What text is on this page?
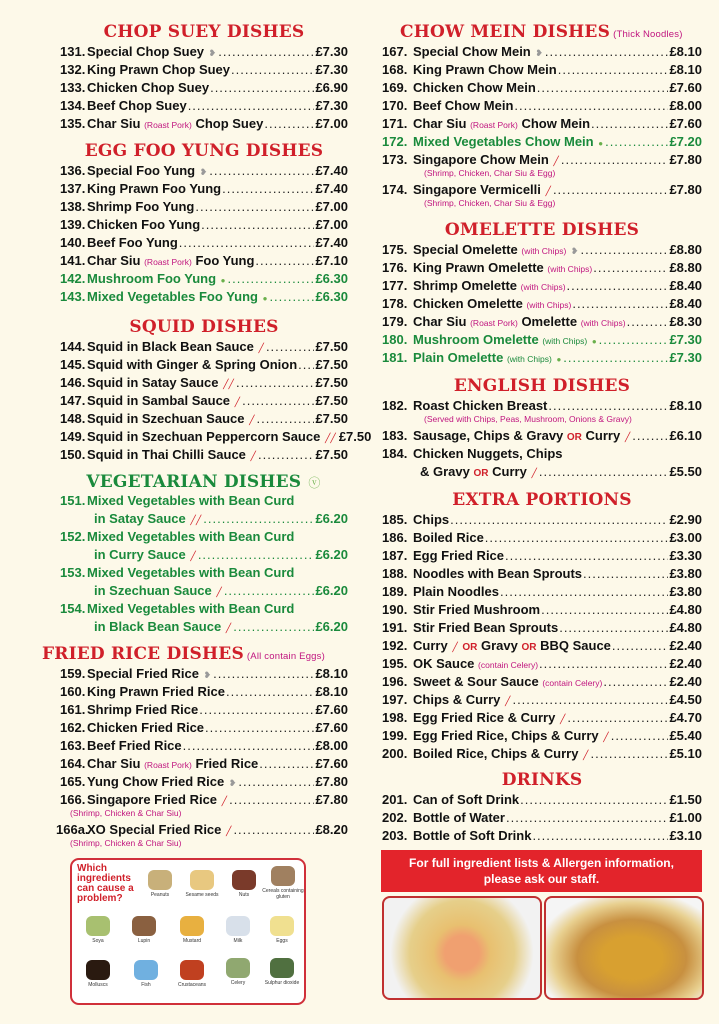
CHOP SUEY DISHES
131. Special Chop Suey ❥ .....	£7.30
132. King Prawn Chop Suey .....	£7.30
133. Chicken Chop Suey .....	£6.90
134. Beef Chop Suey .....	£7.30
135. Char Siu (Roast Pork) Chop Suey .....	£7.00
EGG FOO YUNG DISHES
136. Special Foo Yung ❥ .....	£7.40
137. King Prawn Foo Yung .....	£7.40
138. Shrimp Foo Yung .....	£7.00
139. Chicken Foo Yung .....	£7.00
140. Beef Foo Yung .....	£7.40
141. Char Siu (Roast Pork) Foo Yung .....	£7.10
142. Mushroom Foo Yung ● .....	£6.30
143. Mixed Vegetables Foo Yung ● .....	£6.30
SQUID DISHES
144. Squid in Black Bean Sauce ╱ .....	£7.50
145. Squid with Ginger & Spring Onion ..... £7.50
146. Squid in Satay Sauce ╱╱ .....	£7.50
147. Squid in Sambal Sauce ╱ .....	£7.50
148. Squid in Szechuan Sauce ╱ .....	£7.50
149. Squid in Szechuan Peppercorn Sauce ╱╱ £7.50
150. Squid in Thai Chilli Sauce ╱ .....	£7.50
VEGETARIAN DISHES ⓥ
151. Mixed Vegetables with Bean Curd
in Satay Sauce ╱╱ .....	£6.20
152. Mixed Vegetables with Bean Curd
in Curry Sauce ╱ .....	£6.20
153. Mixed Vegetables with Bean Curd
in Szechuan Sauce ╱ .....	£6.20
154. Mixed Vegetables with Bean Curd
in Black Bean Sauce ╱ .....	£6.20
FRIED RICE DISHES (All contain Eggs)
159. Special Fried Rice ❥ .....	£8.10
160. King Prawn Fried Rice .....	£8.10
161. Shrimp Fried Rice .....	£7.60
162. Chicken Fried Rice .....	£7.60
163. Beef Fried Rice .....	£8.00
164. Char Siu (Roast Pork) Fried Rice .....	£7.60
165. Yung Chow Fried Rice ❥ .....	£7.80
166. Singapore Fried Rice ╱ .....	£7.80
(Shrimp, Chicken & Char Siu)
166a.
XO Special Fried Rice ╱ .....	£8.20
(Shrimp, Chicken & Char Siu)
Which ingredients can cause a problem?	Peanuts	Sesame seeds	Nuts
Cereals containing gluten
Soya	Lupin	Mustard	Milk	Eggs
Molluscs	Fish	Crustaceans	Celery	Sulphur dioxide
CHOW MEIN DISHES (Thick Noodles)
167. Special Chow Mein ❥ .....	£8.10
168. King Prawn Chow Mein .....	£8.10
169. Chicken Chow Mein .....	£7.60
170. Beef Chow Mein .....	£8.00
171. Char Siu (Roast Pork) Chow Mein .....	£7.60
172. Mixed Vegetables Chow Mein ● .....	£7.20
173. Singapore Chow Mein ╱ .....	£7.80
(Shrimp, Chicken, Char Siu & Egg)
174. Singapore Vermicelli ╱ .....	£7.80
(Shrimp, Chicken, Char Siu & Egg)
OMELETTE DISHES
175. Special Omelette (with Chips) ❥ .....	£8.80
176. King Prawn Omelette (with Chips) .....	£8.80
177. Shrimp Omelette (with Chips) .....	£8.40
178. Chicken Omelette (with Chips) .....	£8.40
179. Char Siu (Roast Pork) Omelette (with Chips) .....	£8.30
180. Mushroom Omelette (with Chips) ● .....	£7.30
181. Plain Omelette (with Chips) ● .....	£7.30
ENGLISH DISHES
182. Roast Chicken Breast .....	£8.10
(Served with Chips, Peas, Mushroom, Onions & Gravy)
183. Sausage, Chips & Gravy OR Curry ╱ .....	£6.10
184. Chicken Nuggets, Chips
& Gravy OR Curry ╱ .....	£5.50
EXTRA PORTIONS
185. Chips .....	£2.90
186. Boiled Rice .....	£3.00
187. Egg Fried Rice .....	£3.30
188. Noodles with Bean Sprouts .....	£3.80
189. Plain Noodles .....	£3.80
190. Stir Fried Mushroom .....	£4.80
191. Stir Fried Bean Sprouts .....	£4.80
192. Curry ╱ OR Gravy OR BBQ Sauce .....	£2.40
195. OK Sauce (contain Celery) .....	£2.40
196. Sweet & Sour Sauce (contain Celery) .....	£2.40
197. Chips & Curry ╱ .....	£4.50
198. Egg Fried Rice & Curry ╱ .....	£4.70
199. Egg Fried Rice, Chips & Curry ╱ .....	£5.40
200. Boiled Rice, Chips & Curry ╱ .....	£5.10
DRINKS
201. Can of Soft Drink .....	£1.50
202. Bottle of Water .....	£1.00
203. Bottle of Soft Drink .....	£3.10
For full ingredient lists & Allergen information,
please ask our staff.
